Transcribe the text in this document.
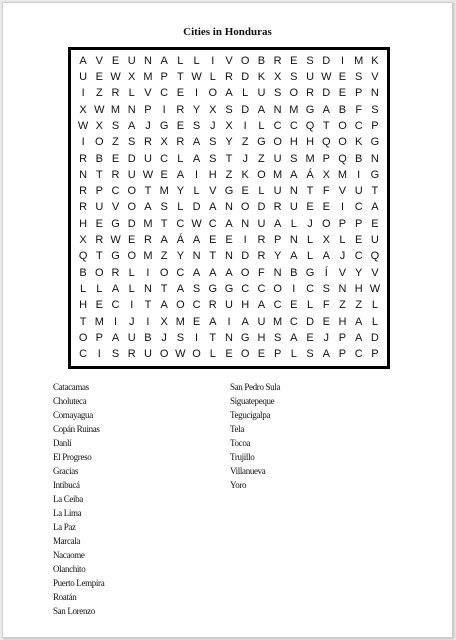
Cities in Honduras
A V E U N A L L	I	V O B R E S D I M K
U E W X M P T W L R D K X S U W E S V
I	Z R L V C E	I O A L U S O R D E P N
X W M N P	I R Y X S D A N M G A B F S
W X S A J G E S J X	I	L C C Q T O C P
I O Z S R X R A S Y Z G O H H Q O K G
R B E D U C L A S T J Z U S M P Q B N
N T R U W E A	I H Z K O M A Á X M I G
R P C O T M Y L V G E L U N T F V U T
R U V O A S L D A N O D R U E E	I C A
H E G D M T C W C A N U A L J O P P E
X R W E R A Á A E E	I R P N L X L E U
Q T G O M Z Y N T N D R Y A L A J C Q
B O R L	I O C A A A O F N B G Í	V Y V
L L A L N T A S G G C C O I C S N H W
H E C I	T A O C R U H A C E L F Z Z L
T M I	J	I	X M E A	I	A U M C D E H A L
O P A U B J S	I	T N G H S A E J P A D
C I	S R U O W O L E O E P L S A P C P
Catacamas
Choluteca
Comayagua
Copán Ruinas
Danlí
El Progreso
Gracias
Intibucá
La Ceiba
La Lima
La Paz
Marcala
Nacaome
Olanchito
Puerto Lempira
Roatán
San Lorenzo
San Pedro Sula
Siguatepeque
Tegucigalpa
Tela
Tocoa
Trujillo
Villanueva
Yoro
